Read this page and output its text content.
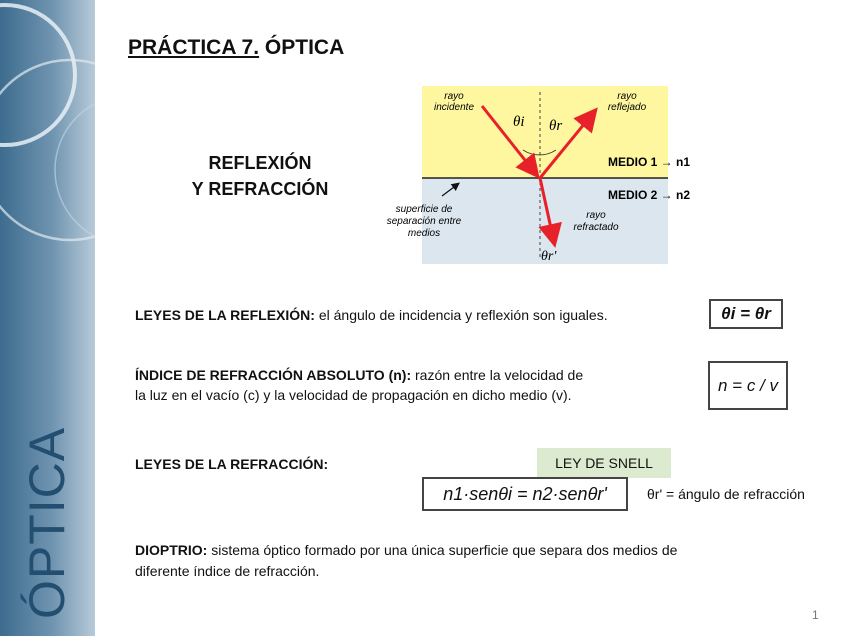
ÓPTICA
PRÁCTICA 7. ÓPTICA
REFLEXIÓN
Y REFRACCIÓN
rayo
incidente
rayo
reflejado
θi θr
θr'
MEDIO 1 → n1
MEDIO 2 → n2
superficie de
separación entre
medios
rayo
refractado
LEYES DE LA REFLEXIÓN: el ángulo de incidencia y reflexión son iguales.	θi = θr
ÍNDICE DE REFRACCIÓN ABSOLUTO (n): razón entre la velocidad de
la luz en el vacío (c) y la velocidad de propagación en dicho medio (v).	n = c / v
LEYES DE LA REFRACCIÓN:	LEY DE SNELL
n1·senθi = n2·senθr'	θr' = ángulo de refracción
DIOPTRIO: sistema óptico formado por una única superficie que separa dos medios de
diferente índice de refracción.
1
